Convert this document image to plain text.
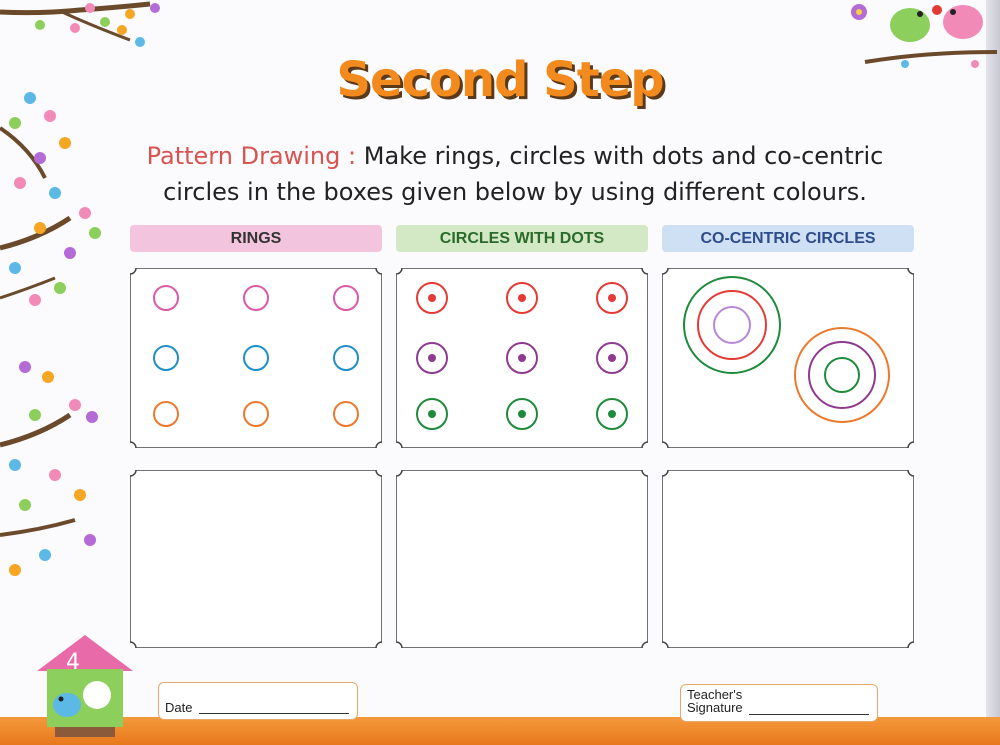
4
Second Step
Pattern Drawing : Make rings, circles with dots and co-centric
circles in the boxes given below by using different colours.
RINGS	CIRCLES WITH DOTS	CO-CENTRIC CIRCLES
Date
Teacher's
Signature
